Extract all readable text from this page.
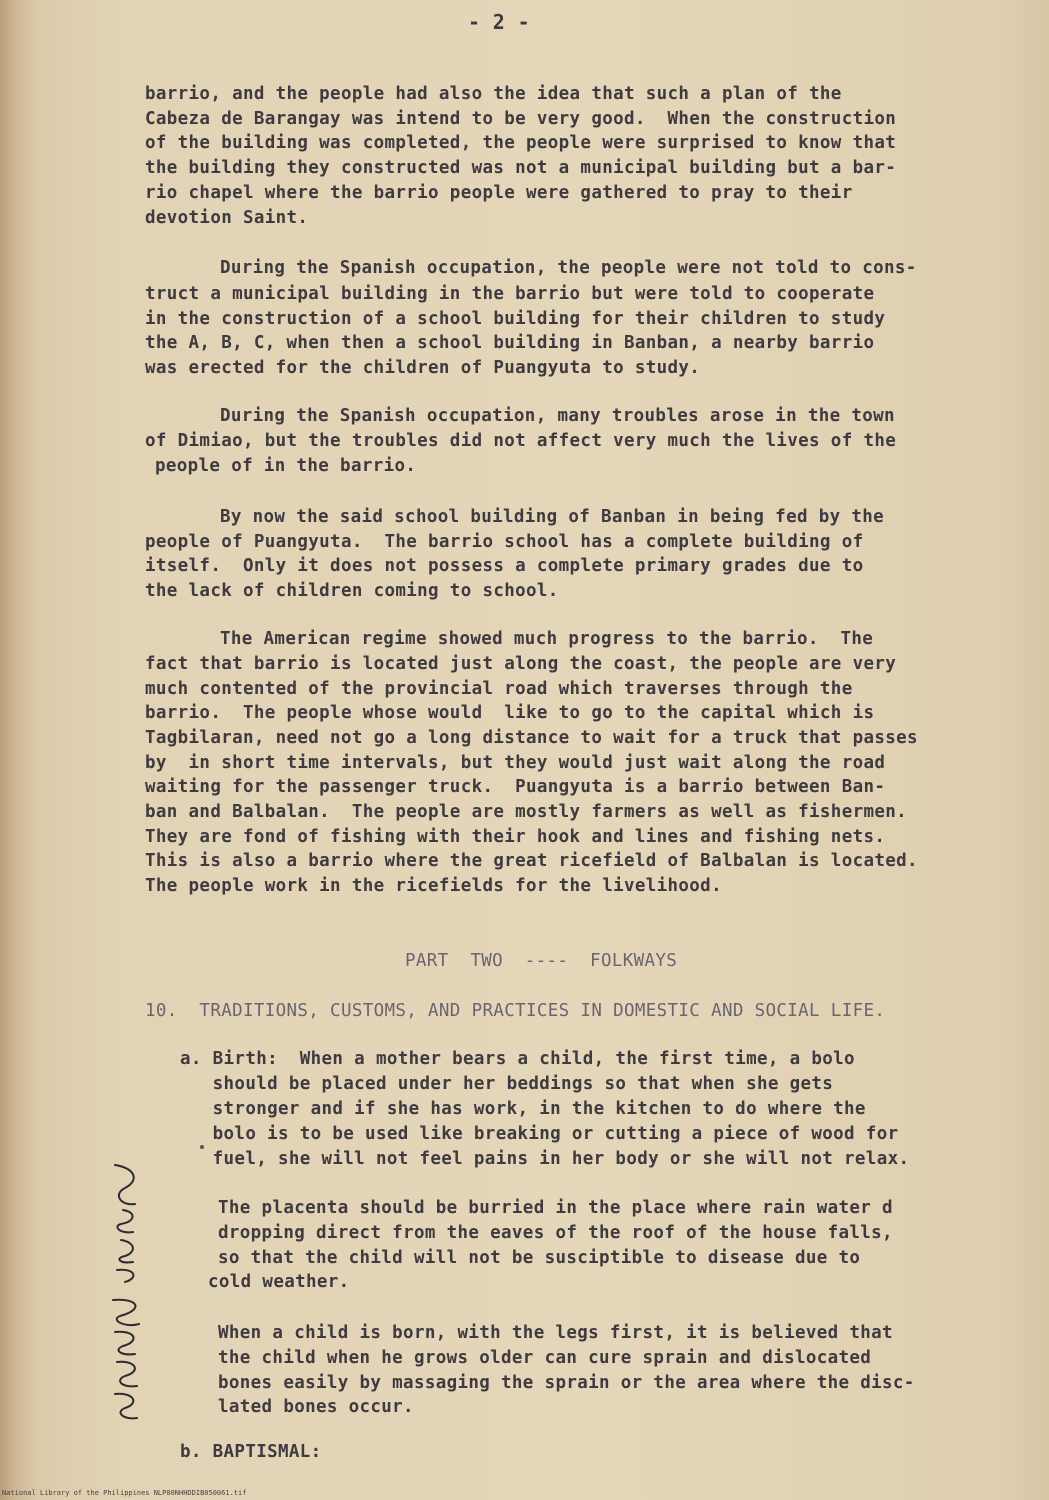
- 2 -
barrio, and the people had also the idea that such a plan of the
Cabeza de Barangay was intend to be very good.  When the construction
of the building was completed, the people were surprised to know that
the building they constructed was not a municipal building but a bar-
rio chapel where the barrio people were gathered to pray to their
devotion Saint.
During the Spanish occupation, the people were not told to cons-
truct a municipal building in the barrio but were told to cooperate
in the construction of a school building for their children to study
the A, B, C, when then a school building in Banban, a nearby barrio
was erected for the children of Puangyuta to study.
During the Spanish occupation, many troubles arose in the town
of Dimiao, but the troubles did not affect very much the lives of the
people of in the barrio.
By now the said school building of Banban in being fed by the
people of Puangyuta.  The barrio school has a complete building of
itself.  Only it does not possess a complete primary grades due to
the lack of children coming to school.
The American regime showed much progress to the barrio.  The
fact that barrio is located just along the coast, the people are very
much contented of the provincial road which traverses through the
barrio.  The people whose would  like to go to the capital which is
Tagbilaran, need not go a long distance to wait for a truck that passes
by  in short time intervals, but they would just wait along the road
waiting for the passenger truck.  Puangyuta is a barrio between Ban-
ban and Balbalan.  The people are mostly farmers as well as fishermen.
They are fond of fishing with their hook and lines and fishing nets.
This is also a barrio where the great ricefield of Balbalan is located.
The people work in the ricefields for the livelihood.
PART  TWO  ----  FOLKWAYS
10.  TRADITIONS, CUSTOMS, AND PRACTICES IN DOMESTIC AND SOCIAL LIFE.
a. Birth:  When a mother bears a child, the first time, a bolo
should be placed under her beddings so that when she gets
stronger and if she has work, in the kitchen to do where the
bolo is to be used like breaking or cutting a piece of wood for
fuel, she will not feel pains in her body or she will not relax.
The placenta should be burried in the place where rain water d
dropping direct from the eaves of the roof of the house falls,
so that the child will not be susciptible to disease due to
cold weather.
When a child is born, with the legs first, it is believed that
the child when he grows older can cure sprain and dislocated
bones easily by massaging the sprain or the area where the disc-
lated bones occur.
b. BAPTISMAL:
National Library of the Philippines NLP00NHHDDIB050061.tif
